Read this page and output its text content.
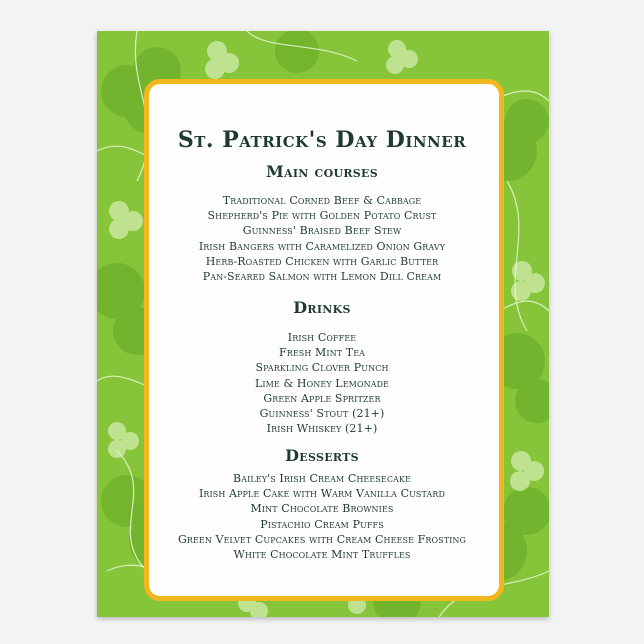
St. Patrick's Day Dinner
Main courses
Traditional Corned Beef & Cabbage
Shepherd's Pie with Golden Potato Crust
Guinness' Braised Beef Stew
Irish Bangers with Caramelized Onion Gravy
Herb-Roasted Chicken with Garlic Butter
Pan-Seared Salmon with Lemon Dill Cream
Drinks
Irish Coffee
Fresh Mint Tea
Sparkling Clover Punch
Lime & Honey Lemonade
Green Apple Spritzer
Guinness' Stout (21+)
Irish Whiskey (21+)
Desserts
Bailey's Irish Cream Cheesecake
Irish Apple Cake with Warm Vanilla Custard
Mint Chocolate Brownies
Pistachio Cream Puffs
Green Velvet Cupcakes with Cream Cheese Frosting
White Chocolate Mint Truffles
